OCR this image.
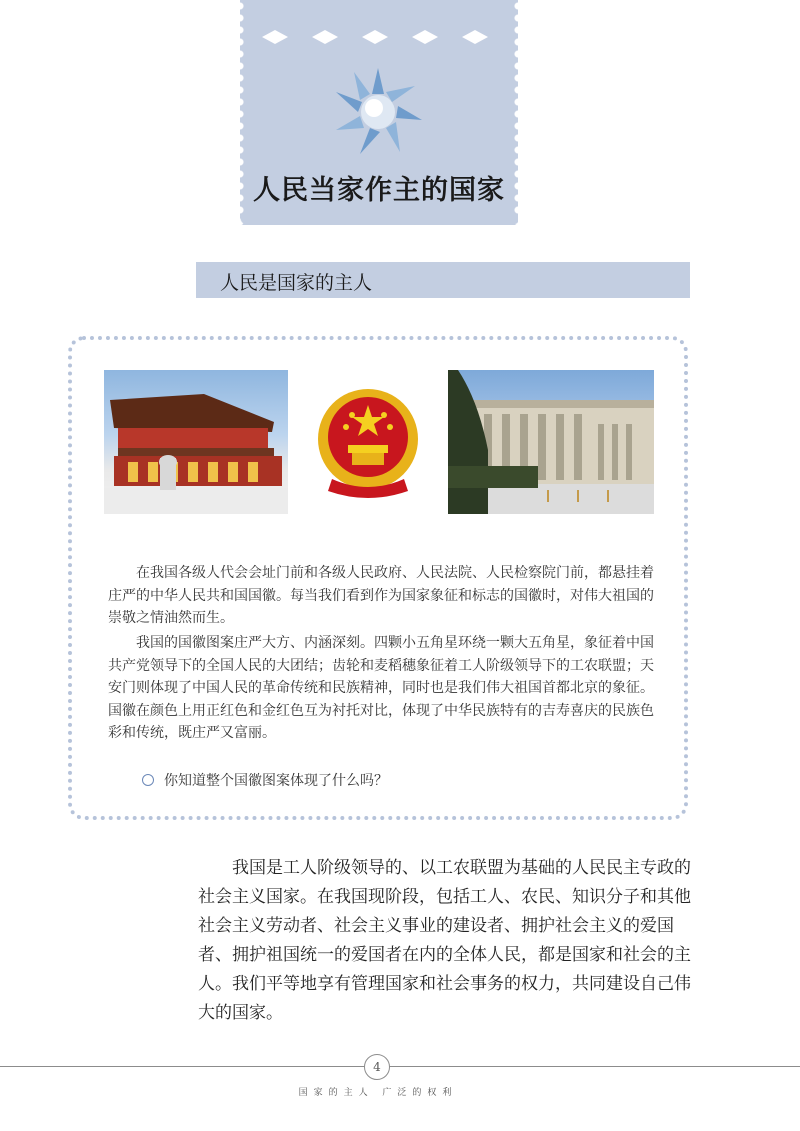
人民当家作主的国家
人民是国家的主人
在我国各级人代会会址门前和各级人民政府、人民法院、人民检察院门前，都悬挂着庄严的中华人民共和国国徽。每当我们看到作为国家象征和标志的国徽时，对伟大祖国的崇敬之情油然而生。
我国的国徽图案庄严大方、内涵深刻。四颗小五角星环绕一颗大五角星，象征着中国共产党领导下的全国人民的大团结；齿轮和麦稻穗象征着工人阶级领导下的工农联盟；天安门则体现了中国人民的革命传统和民族精神，同时也是我们伟大祖国首都北京的象征。国徽在颜色上用正红色和金红色互为衬托对比，体现了中华民族特有的吉寿喜庆的民族色彩和传统，既庄严又富丽。
你知道整个国徽图案体现了什么吗？
我国是工人阶级领导的、以工农联盟为基础的人民民主专政的社会主义国家。在我国现阶段，包括工人、农民、知识分子和其他社会主义劳动者、社会主义事业的建设者、拥护社会主义的爱国者、拥护祖国统一的爱国者在内的全体人民，都是国家和社会的主人。我们平等地享有管理国家和社会事务的权力，共同建设自己伟大的国家。
4
国家的主人 广泛的权利
